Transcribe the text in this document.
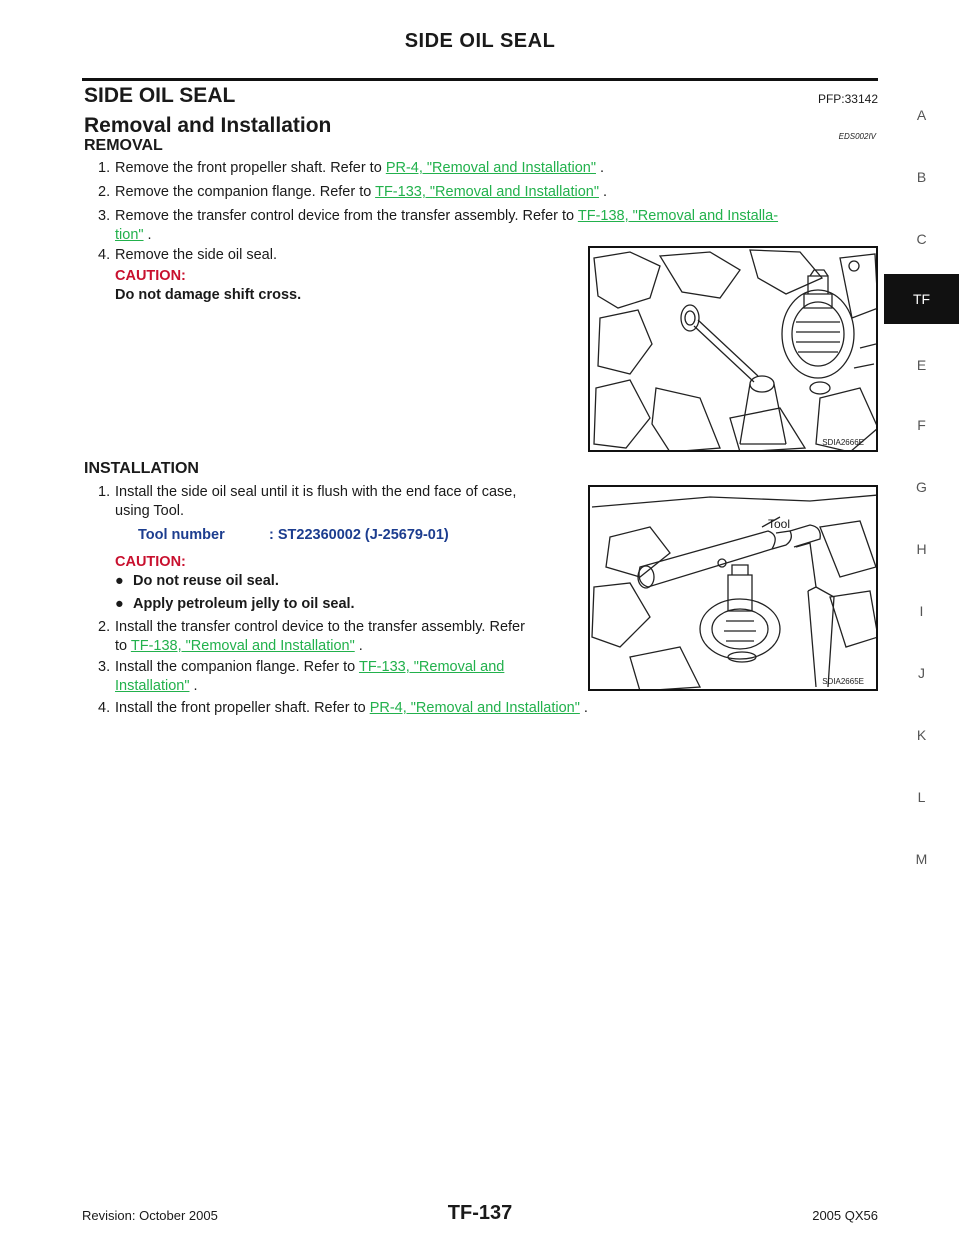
SIDE OIL SEAL
SIDE OIL SEAL	PFP:33142
Removal and Installation	EDS002IV
REMOVAL
1. Remove the front propeller shaft. Refer to PR-4, "Removal and Installation" .
2. Remove the companion flange. Refer to TF-133, "Removal and Installation" .
3. Remove the transfer control device from the transfer assembly. Refer to TF-138, "Removal and Installa-
tion" .
4. Remove the side oil seal.
CAUTION:
Do not damage shift cross.
SDIA2666E
INSTALLATION
1. Install the side oil seal until it is flush with the end face of case,
using Tool.
Tool number	: ST22360002 (J-25679-01)
CAUTION:
● Do not reuse oil seal.
● Apply petroleum jelly to oil seal.
2. Install the transfer control device to the transfer assembly. Refer
to TF-138, "Removal and Installation" .
3. Install the companion flange. Refer to TF-133, "Removal and
Installation" .
4. Install the front propeller shaft. Refer to PR-4, "Removal and Installation" .
Tool
SDIA2665E
A
B
C
TF
E
F
G
H
I
J
K
L
M
Revision: October 2005	TF-137	2005 QX56
